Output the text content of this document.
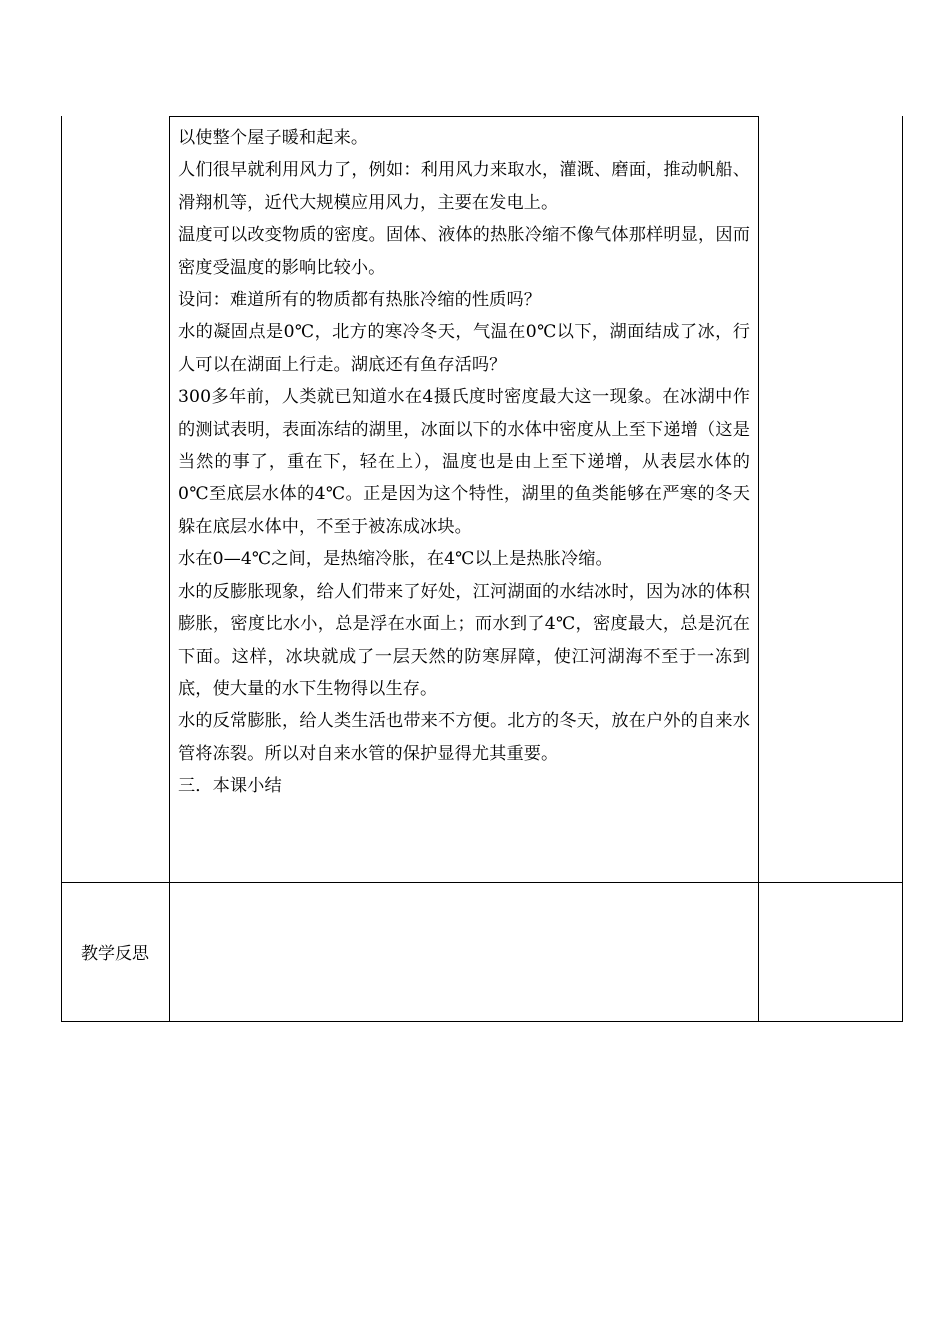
以使整个屋子暖和起来。

人们很早就利用风力了，例如：利用风力来取水，灌溉、磨面，推动帆船、滑翔机等，近代大规模应用风力，主要在发电上。

温度可以改变物质的密度。固体、液体的热胀冷缩不像气体那样明显，因而密度受温度的影响比较小。

设问：难道所有的物质都有热胀冷缩的性质吗？

水的凝固点是0℃，北方的寒冷冬天，气温在0℃以下，湖面结成了冰，行人可以在湖面上行走。湖底还有鱼存活吗？

300多年前，人类就已知道水在4摄氏度时密度最大这一现象。在冰湖中作的测试表明，表面冻结的湖里，冰面以下的水体中密度从上至下递增（这是当然的事了，重在下，轻在上），温度也是由上至下递增，从表层水体的0℃至底层水体的4℃。正是因为这个特性，湖里的鱼类能够在严寒的冬天躲在底层水体中，不至于被冻成冰块。

水在0—4℃之间，是热缩冷胀，在4℃以上是热胀冷缩。

水的反膨胀现象，给人们带来了好处，江河湖面的水结冰时，因为冰的体积膨胀，密度比水小，总是浮在水面上；而水到了4℃，密度最大，总是沉在下面。这样，冰块就成了一层天然的防寒屏障，使江河湖海不至于一冻到底，使大量的水下生物得以生存。

水的反常膨胀，给人类生活也带来不方便。北方的冬天，放在户外的自来水管将冻裂。所以对自来水管的保护显得尤其重要。

三．本课小结

教学反思
